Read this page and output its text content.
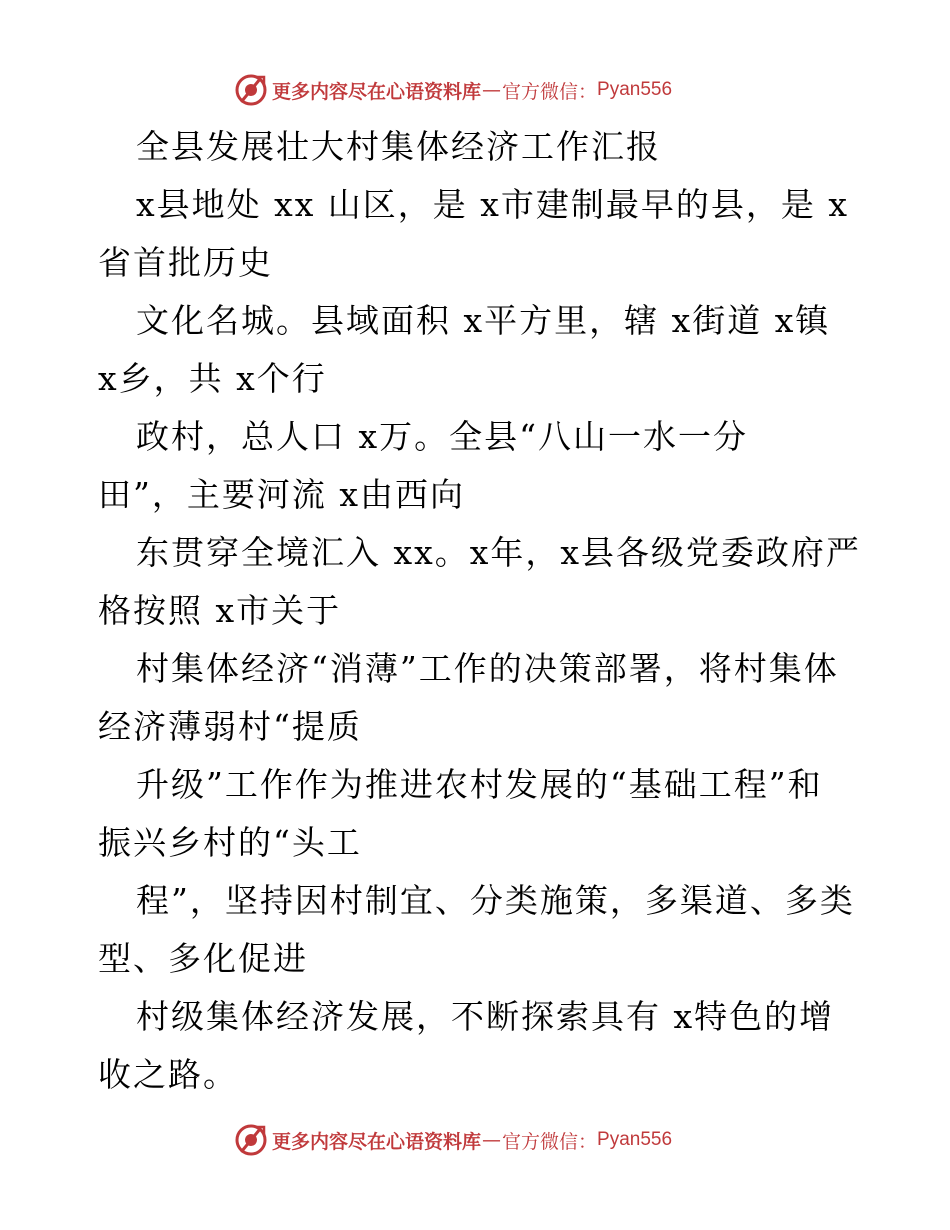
更多内容尽在心语资料库 — 官方微信： Pyan556
全县发展壮大村集体经济工作汇报
x县地处 xx 山区，是 x市建制最早的县，是 x
省首批历史
文化名城。县域面积 x平方里，辖 x街道 x镇
x乡，共 x个行
政村，总人口 x万。全县“八山一水一分
田”，主要河流 x由西向
东贯穿全境汇入 xx。x年，x县各级党委政府严
格按照 x市关于
村集体经济“消薄”工作的决策部署，将村集体
经济薄弱村“提质
升级”工作作为推进农村发展的“基础工程”和
振兴乡村的“头工
程”，坚持因村制宜、分类施策，多渠道、多类
型、多化促进
村级集体经济发展，不断探索具有 x特色的增
收之路。
更多内容尽在心语资料库 — 官方微信： Pyan556
